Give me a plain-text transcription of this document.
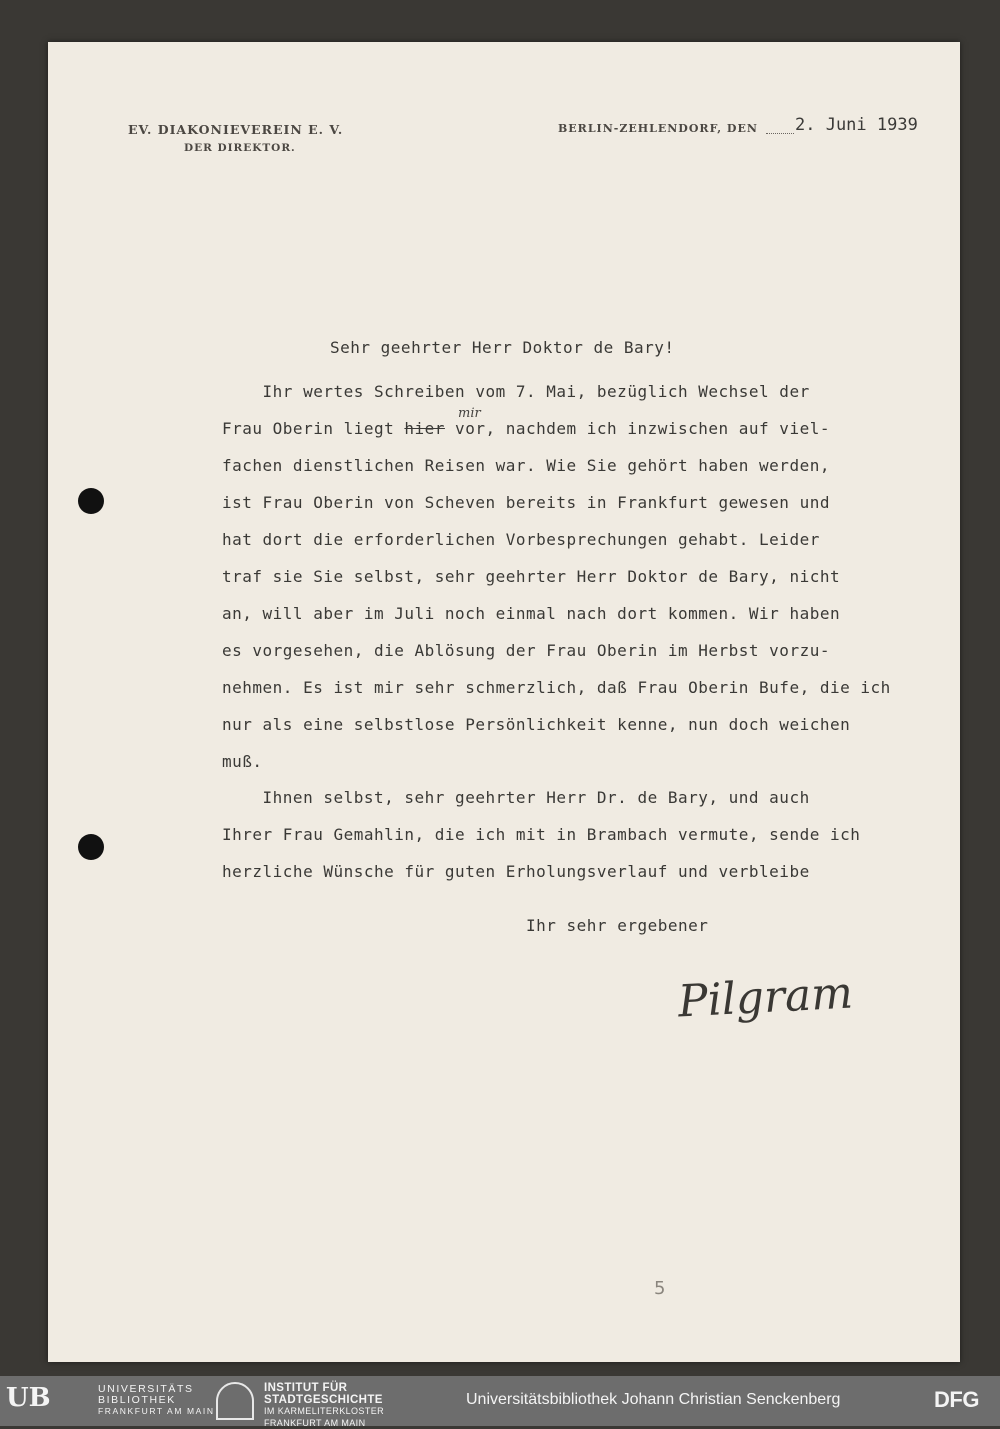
EV. DIAKONIEVEREIN E. V.
DER DIREKTOR.
BERLIN-ZEHLENDORF, DEN 2. Juni 1939
Sehr geehrter Herr Doktor de Bary!
Ihr wertes Schreiben vom 7. Mai, bezüglich Wechsel der
Frau Oberin liegt hier vor, nachdem ich inzwischen auf viel-
mir
fachen dienstlichen Reisen war. Wie Sie gehört haben werden,
ist Frau Oberin von Scheven bereits in Frankfurt gewesen und
hat dort die erforderlichen Vorbesprechungen gehabt. Leider
traf sie Sie selbst, sehr geehrter Herr Doktor de Bary, nicht
an, will aber im Juli noch einmal nach dort kommen. Wir haben
es vorgesehen, die Ablösung der Frau Oberin im Herbst vorzu-
nehmen. Es ist mir sehr schmerzlich, daß Frau Oberin Bufe, die ich
nur als eine selbstlose Persönlichkeit kenne, nun doch weichen
muß.
Ihnen selbst, sehr geehrter Herr Dr. de Bary, und auch
Ihrer Frau Gemahlin, die ich mit in Brambach vermute, sende ich
herzliche Wünsche für guten Erholungsverlauf und verbleibe
Ihr sehr ergebener
Pilgram
5
UB	UNIVERSITÄTS
BIBLIOTHEK
FRANKFURT AM MAIN
INSTITUT FÜR
STADTGESCHICHTE
IM KARMELITERKLOSTER
FRANKFURT AM MAIN
Universitätsbibliothek Johann Christian Senckenberg	DFG
